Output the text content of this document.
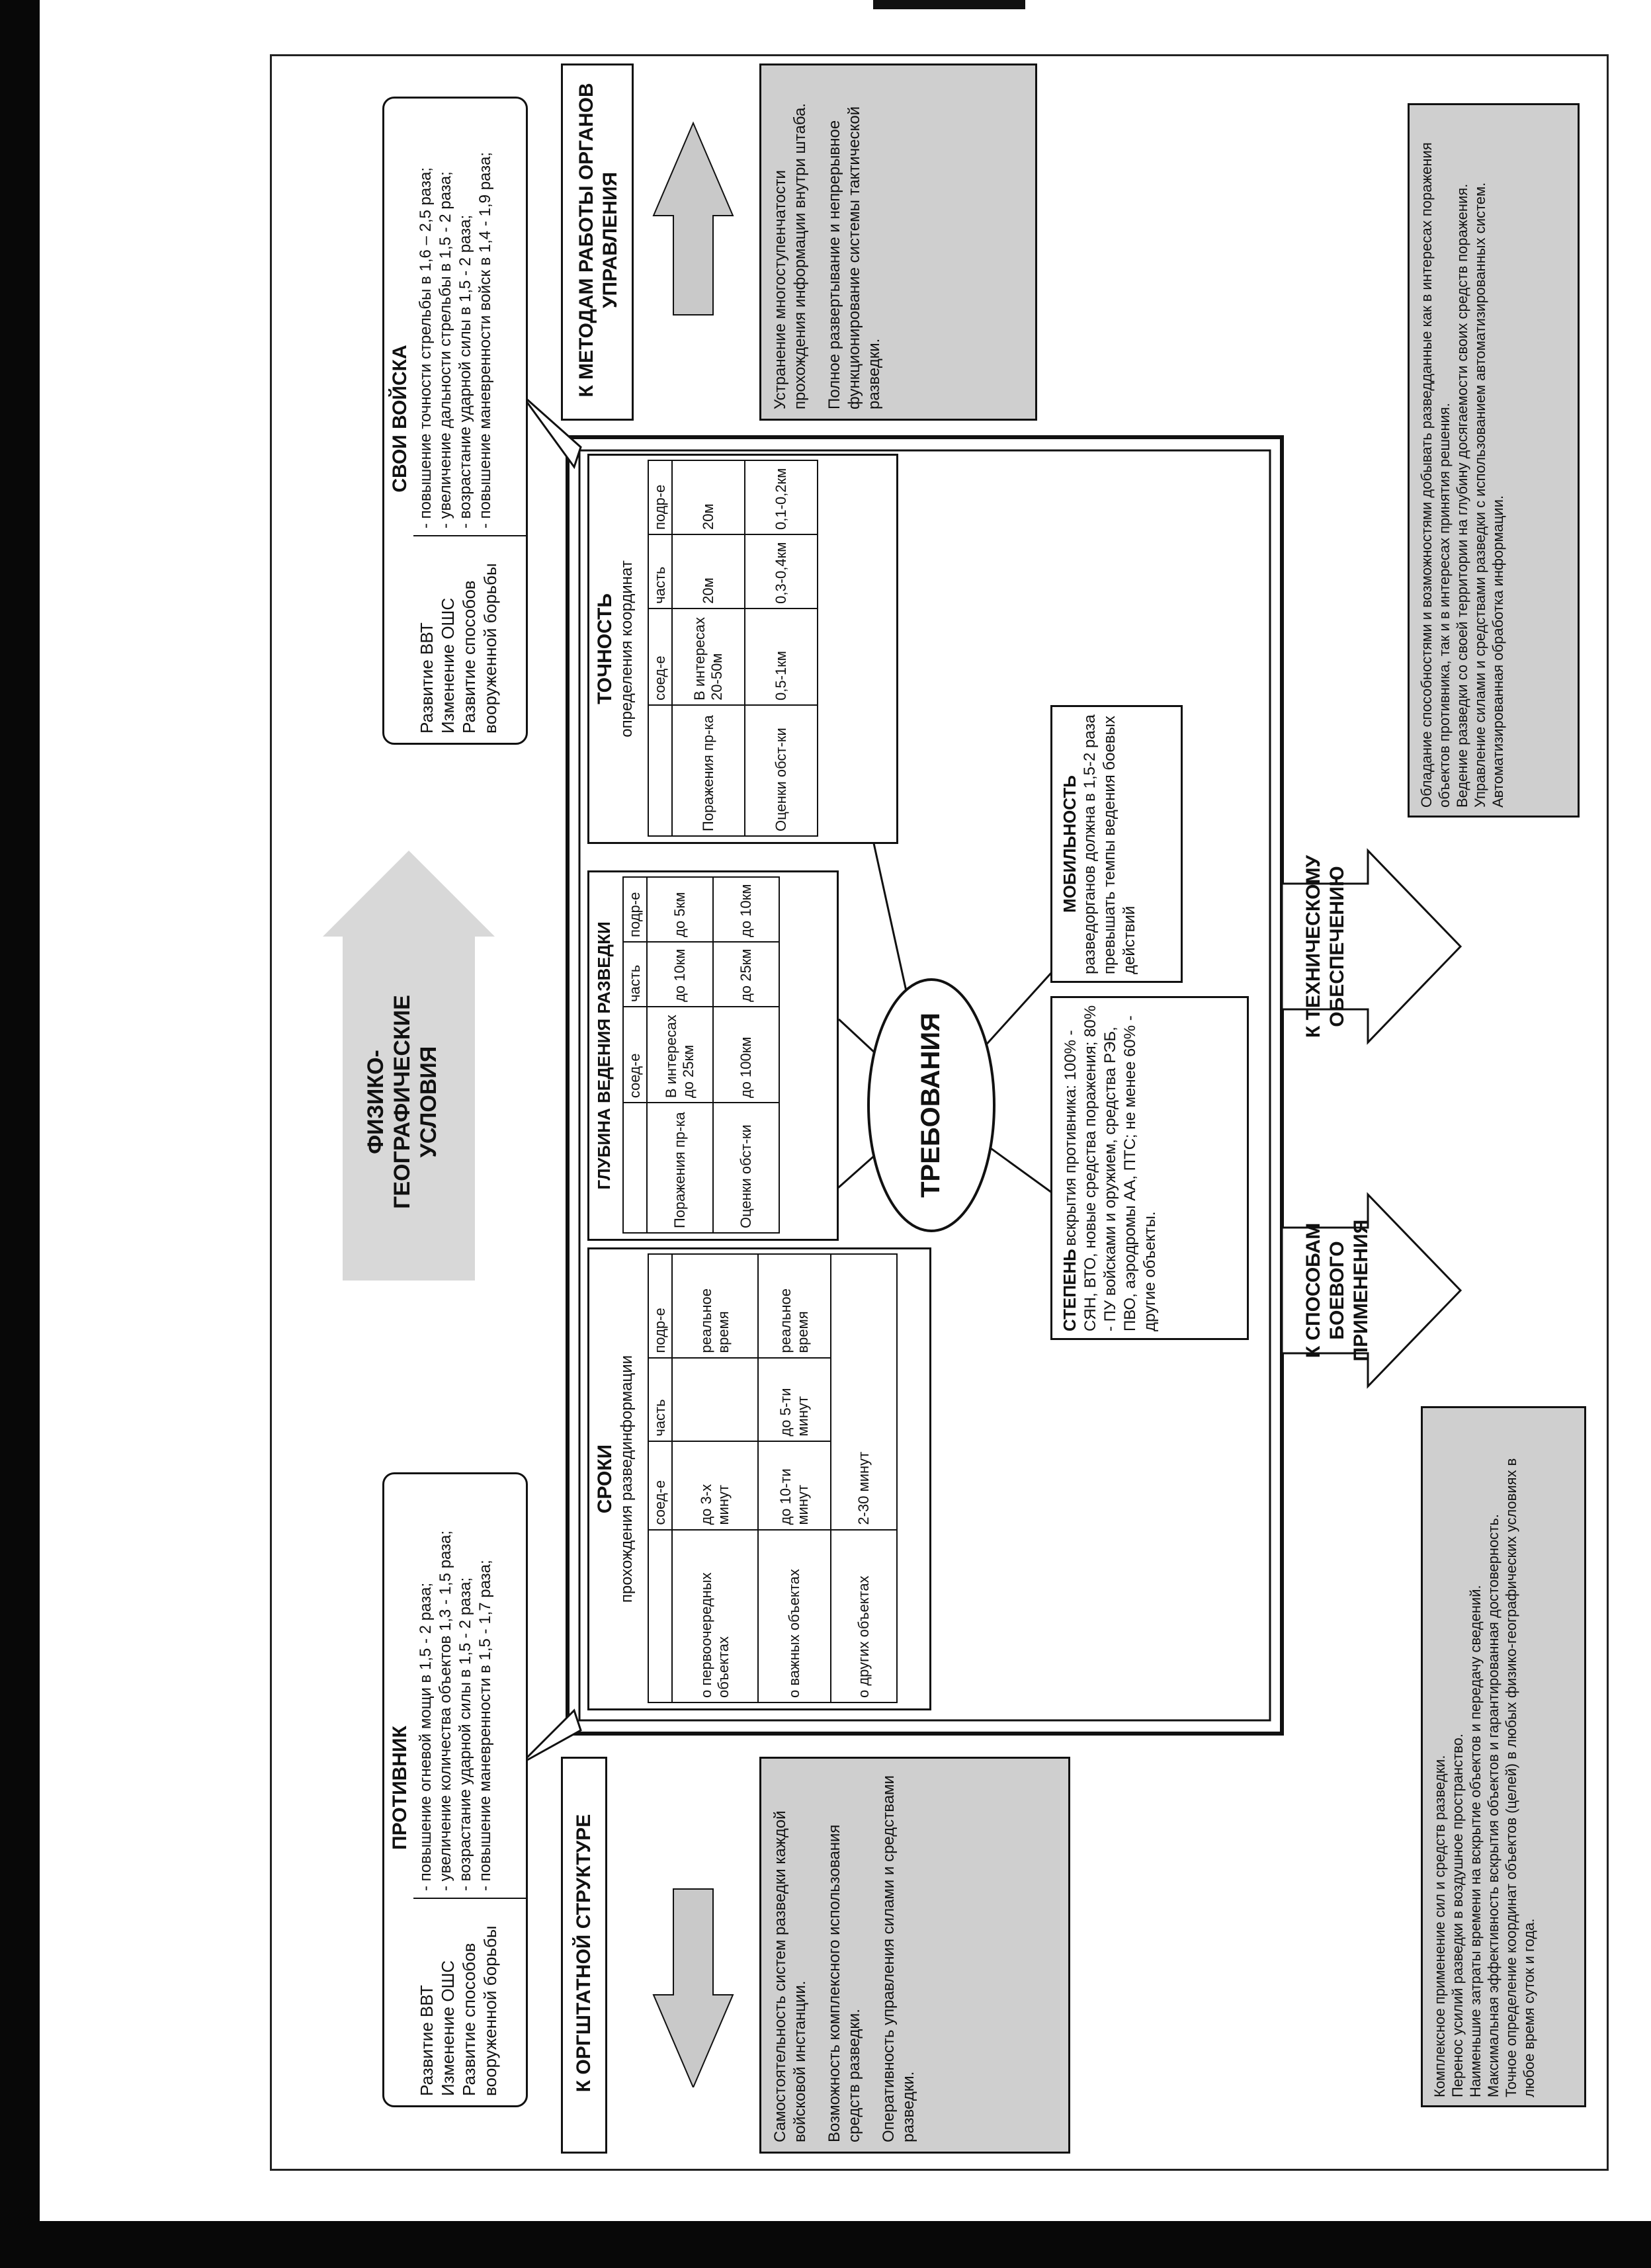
ПРОТИВНИК
Развитие ВВТ Изменение ОШС Развитие способов вооруженной борьбы
- повышение огневой мощи в 1,5 - 2 раза; - увеличение количества объектов 1,3 - 1,5 раза; - возрастание ударной силы в 1,5 - 2 раза; - повышение маневренности в 1,5 - 1,7 раза;
ФИЗИКО-ГЕОГРАФИЧЕСКИЕ УСЛОВИЯ
СВОИ ВОЙСКА
Развитие ВВТ Изменение ОШС Развитие способов вооруженной борьбы
- повышение точности стрельбы в 1,6 – 2,5 раза; - увеличение дальности стрельбы в 1,5 - 2 раза; - возрастание ударной силы в 1,5 - 2 раза; - повышение маневренности войск в 1,4 - 1,9 раза;
К ОРГШТАТНОЙ СТРУКТУРЕ	Самостоятельность систем разведки каждой войсковой инстанции. Возможность комплексного использования средств разведки. Оперативность управления силами и средствами разведки.
К МЕТОДАМ РАБОТЫ ОРГАНОВ УПРАВЛЕНИЯ	Устранение многоступенчатости прохождения информации внутри штаба. Полное развертывание и непрерывное функционирование системы тактической разведки.
СРОКИ прохождения развединформации
	соед-е	часть	подр-е
о первоочередных объектах	до 3-х минут		реальное время
о важных объектах	до 10-ти минут	до 5-ти минут	реальное время
о других объектах	2-30 минут		
ГЛУБИНА ВЕДЕНИЯ РАЗВЕДКИ
	соед-е	часть	подр-е
Поражения пр-ка	В интересах до 25км	до 10км	до 5км
Оценки обст-ки	до 100км	до 25км	до 10км
ТОЧНОСТЬ определения координат
	соед-е	часть	подр-е
Поражения пр-ка	В интересах 20-50м	20м	20м
Оценки обст-ки	0,5-1км	0,3-0,4км	0,1-0,2км
ТРЕБОВАНИЯ
СТЕПЕНЬ вскрытия противника: 100% - СЯН, ВТО, новые средства поражения; 80% - ПУ войсками и оружием, средства РЭБ, ПВО, аэродромы АА, ПТС; не менее 60% - другие объекты.
МОБИЛЬНОСТЬ разведорганов должна в 1,5-2 раза превышать темпы ведения боевых действий
К СПОСОБАМ БОЕВОГО ПРИМЕНЕНИЯ
К ТЕХНИЧЕСКОМУ ОБЕСПЕЧЕНИЮ
Комплексное применение сил и средств разведки. Перенос усилий разведки в воздушное пространство. Наименьшие затраты времени на вскрытие объектов и передачу сведений. Максимальная эффективность вскрытия объектов и гарантированная достоверность. Точное определение координат объектов (целей) в любых физико-географических условиях в любое время суток и года.
Обладание способностями и возможностями добывать разведданные как в интересах поражения объектов противника, так и в интересах принятия решения. Ведение разведки со своей территории на глубину досягаемости своих средств поражения. Управление силами и средствами разведки с использованием автоматизированных систем. Автоматизированная обработка информации.
